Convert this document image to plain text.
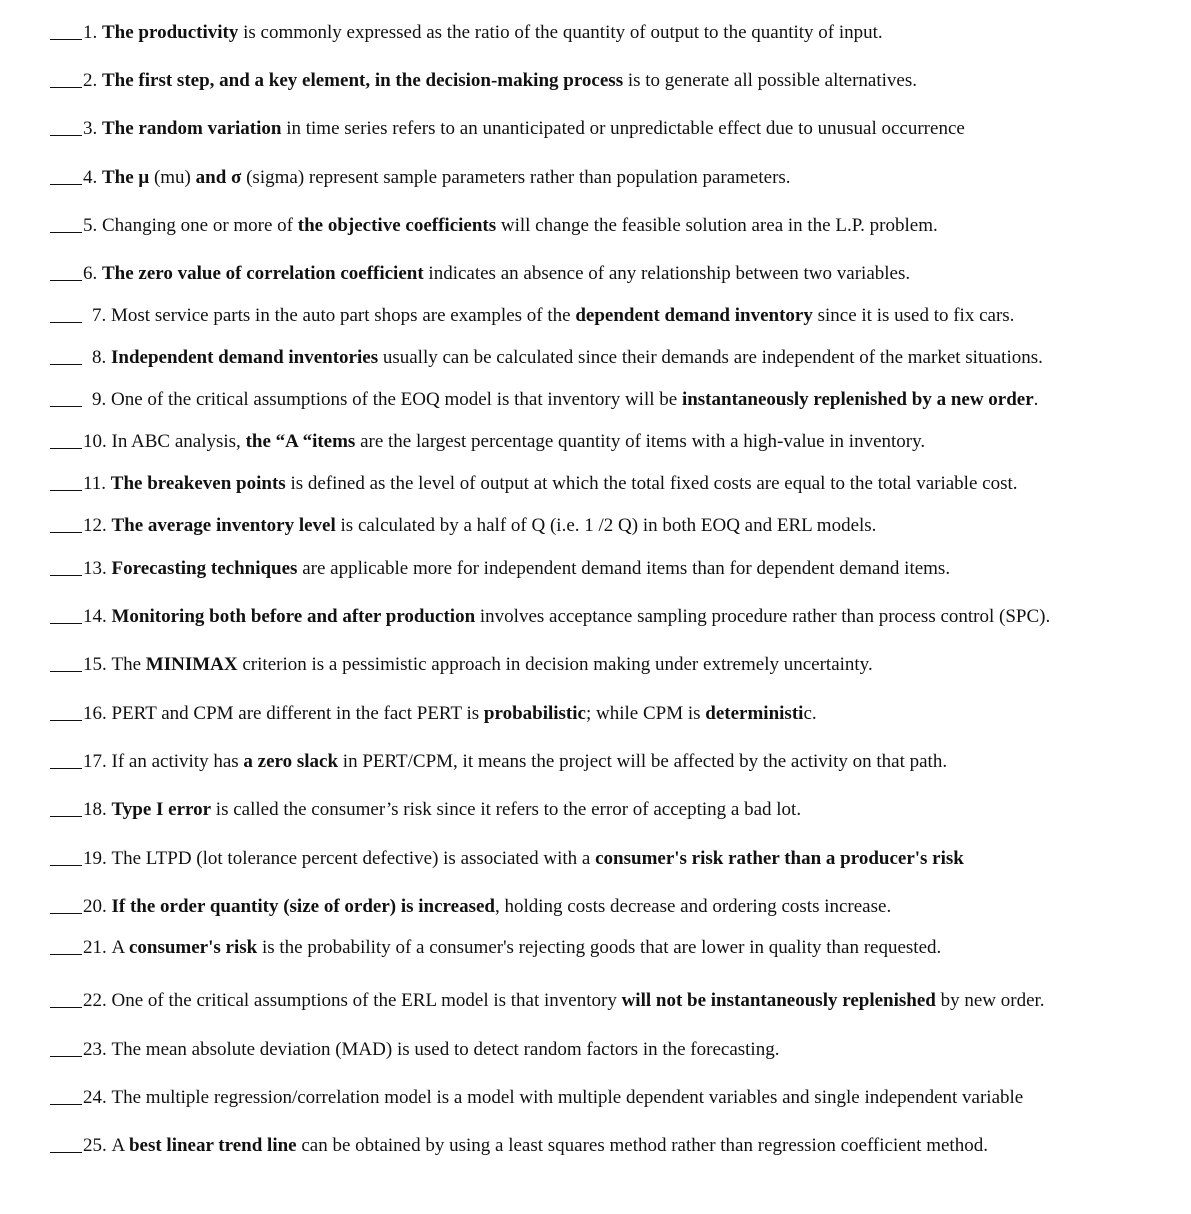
1.
The productivity is commonly expressed as the ratio of the quantity of output to the quantity of input.
2.
The first step, and a key element, in the decision-making process is to generate all possible alternatives.
3.
The random variation in time series refers to an unanticipated or unpredictable effect due to unusual occurrence
4.
The μ (mu) and σ (sigma) represent sample parameters rather than population parameters.
5.
Changing one or more of the objective coefficients will change the feasible solution area in the L.P. problem.
6.
The zero value of correlation coefficient indicates an absence of any relationship between two variables.
7.
Most service parts in the auto part shops are examples of the dependent demand inventory since it is used to fix cars.
8.
Independent demand inventories usually can be calculated since their demands are independent of the market situations.
9.
One of the critical assumptions of the EOQ model is that inventory will be instantaneously replenished by a new order .
10.
In ABC analysis, the “A “items are the largest percentage quantity of items with a high-value in inventory.
11.
The breakeven points is defined as the level of output at which the total fixed costs are equal to the total variable cost.
12.
The average inventory level is calculated by a half of Q (i.e. 1 /2 Q) in both EOQ and ERL models.
13.
Forecasting techniques are applicable more for independent demand items than for dependent demand items.
14.
Monitoring both before and after production involves acceptance sampling procedure rather than process control (SPC).
15.
The MINIMAX criterion is a pessimistic approach in decision making under extremely uncertainty.
16.
PERT and CPM are different in the fact PERT is probabilistic ; while CPM is deterministi c.
17.
If an activity has a zero slack in PERT/CPM, it means the project will be affected by the activity on that path.
18.
Type I error is called the consumer’s risk since it refers to the error of accepting a bad lot.
19.
The LTPD (lot tolerance percent defective) is associated with a consumer's risk rather than a producer's risk
20.
If the order quantity (size of order) is increased , holding costs decrease and ordering costs increase.
21.
A consumer's risk is the probability of a consumer's rejecting goods that are lower in quality than requested.
22.
One of the critical assumptions of the ERL model is that inventory will not be instantaneously replenished by new order.
23.
The mean absolute deviation (MAD) is used to detect random factors in the forecasting.
24.
The multiple regression/correlation model is a model with multiple dependent variables and single independent variable
25.
A best linear trend line can be obtained by using a least squares method rather than regression coefficient method.
